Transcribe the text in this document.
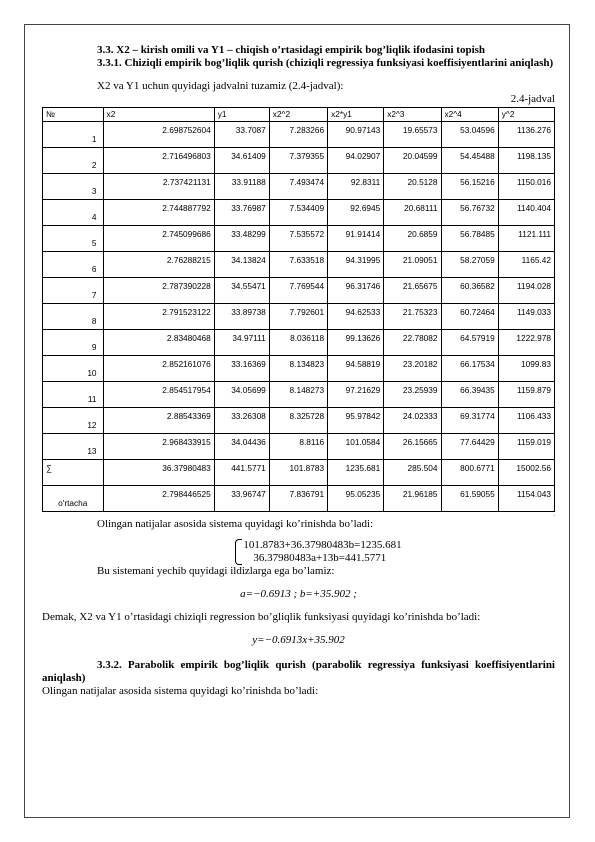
3.3. X2 – kirish omili va Y1 – chiqish o’rtasidagi empirik bog’liqlik ifodasini topish

3.3.1. Chiziqli empirik bog’liqlik qurish (chiziqli regressiya funksiyasi koeffisiyentlarini aniqlash)

X2 va Y1 uchun quyidagi jadvalni tuzamiz (2.4-jadval):

2.4-jadval

№	x2	y1	x2^2	x2*y1	x2^3	x2^4	y^2
1	2.698752604	33.7087	7.283266	90.97143	19.65573	53.04596	1136.276
2	2.716496803	34.61409	7.379355	94.02907	20.04599	54.45488	1198.135
3	2.737421131	33.91188	7.493474	92.8311	20.5128	56.15216	1150.016
4	2.744887792	33.76987	7.534409	92.6945	20.68111	56.76732	1140.404
5	2.745099686	33.48299	7.535572	91.91414	20.6859	56.78485	1121.111
6	2.76288215	34.13824	7.633518	94.31995	21.09051	58.27059	1165.42
7	2.787390228	34.55471	7.769544	96.31746	21.65675	60.36582	1194.028
8	2.791523122	33.89738	7.792601	94.62533	21.75323	60.72464	1149.033
9	2.83480468	34.97111	8.036118	99.13626	22.78082	64.57919	1222.978
10	2.852161076	33.16369	8.134823	94.58819	23.20182	66.17534	1099.83
11	2.854517954	34.05699	8.148273	97.21629	23.25939	66.39435	1159.879
12	2.88543369	33.26308	8.325728	95.97842	24.02333	69.31774	1106.433
13	2.968433915	34.04436	8.8116	101.0584	26.15665	77.64429	1159.019
∑	36.37980483	441.5771	101.8783	1235.681	285.504	800.6771	15002.56
o'rtacha	2.798446525	33.96747	7.836791	95.05235	21.96185	61.59055	1154.043

.

Olingan natijalar asosida sistema quyidagi ko’rinishda bo’ladi:

101.8783+36.37980483b=1235.681
36.37980483a+13b=441.5771

Bu sistemani yechib quyidagi ildizlarga ega bo’lamiz:

a=−0.6913 ; b=+35.902 ;

Demak, X2 va Y1 o’rtasidagi chiziqli regression bo’gliqlik funksiyasi quyidagi ko’rinishda bo’ladi:

y=−0.6913x+35.902

3.3.2. Parabolik empirik bog’liqlik qurish (parabolik regressiya funksiyasi koeffisiyentlarini aniqlash)

Olingan natijalar asosida sistema quyidagi ko’rinishda bo’ladi:
